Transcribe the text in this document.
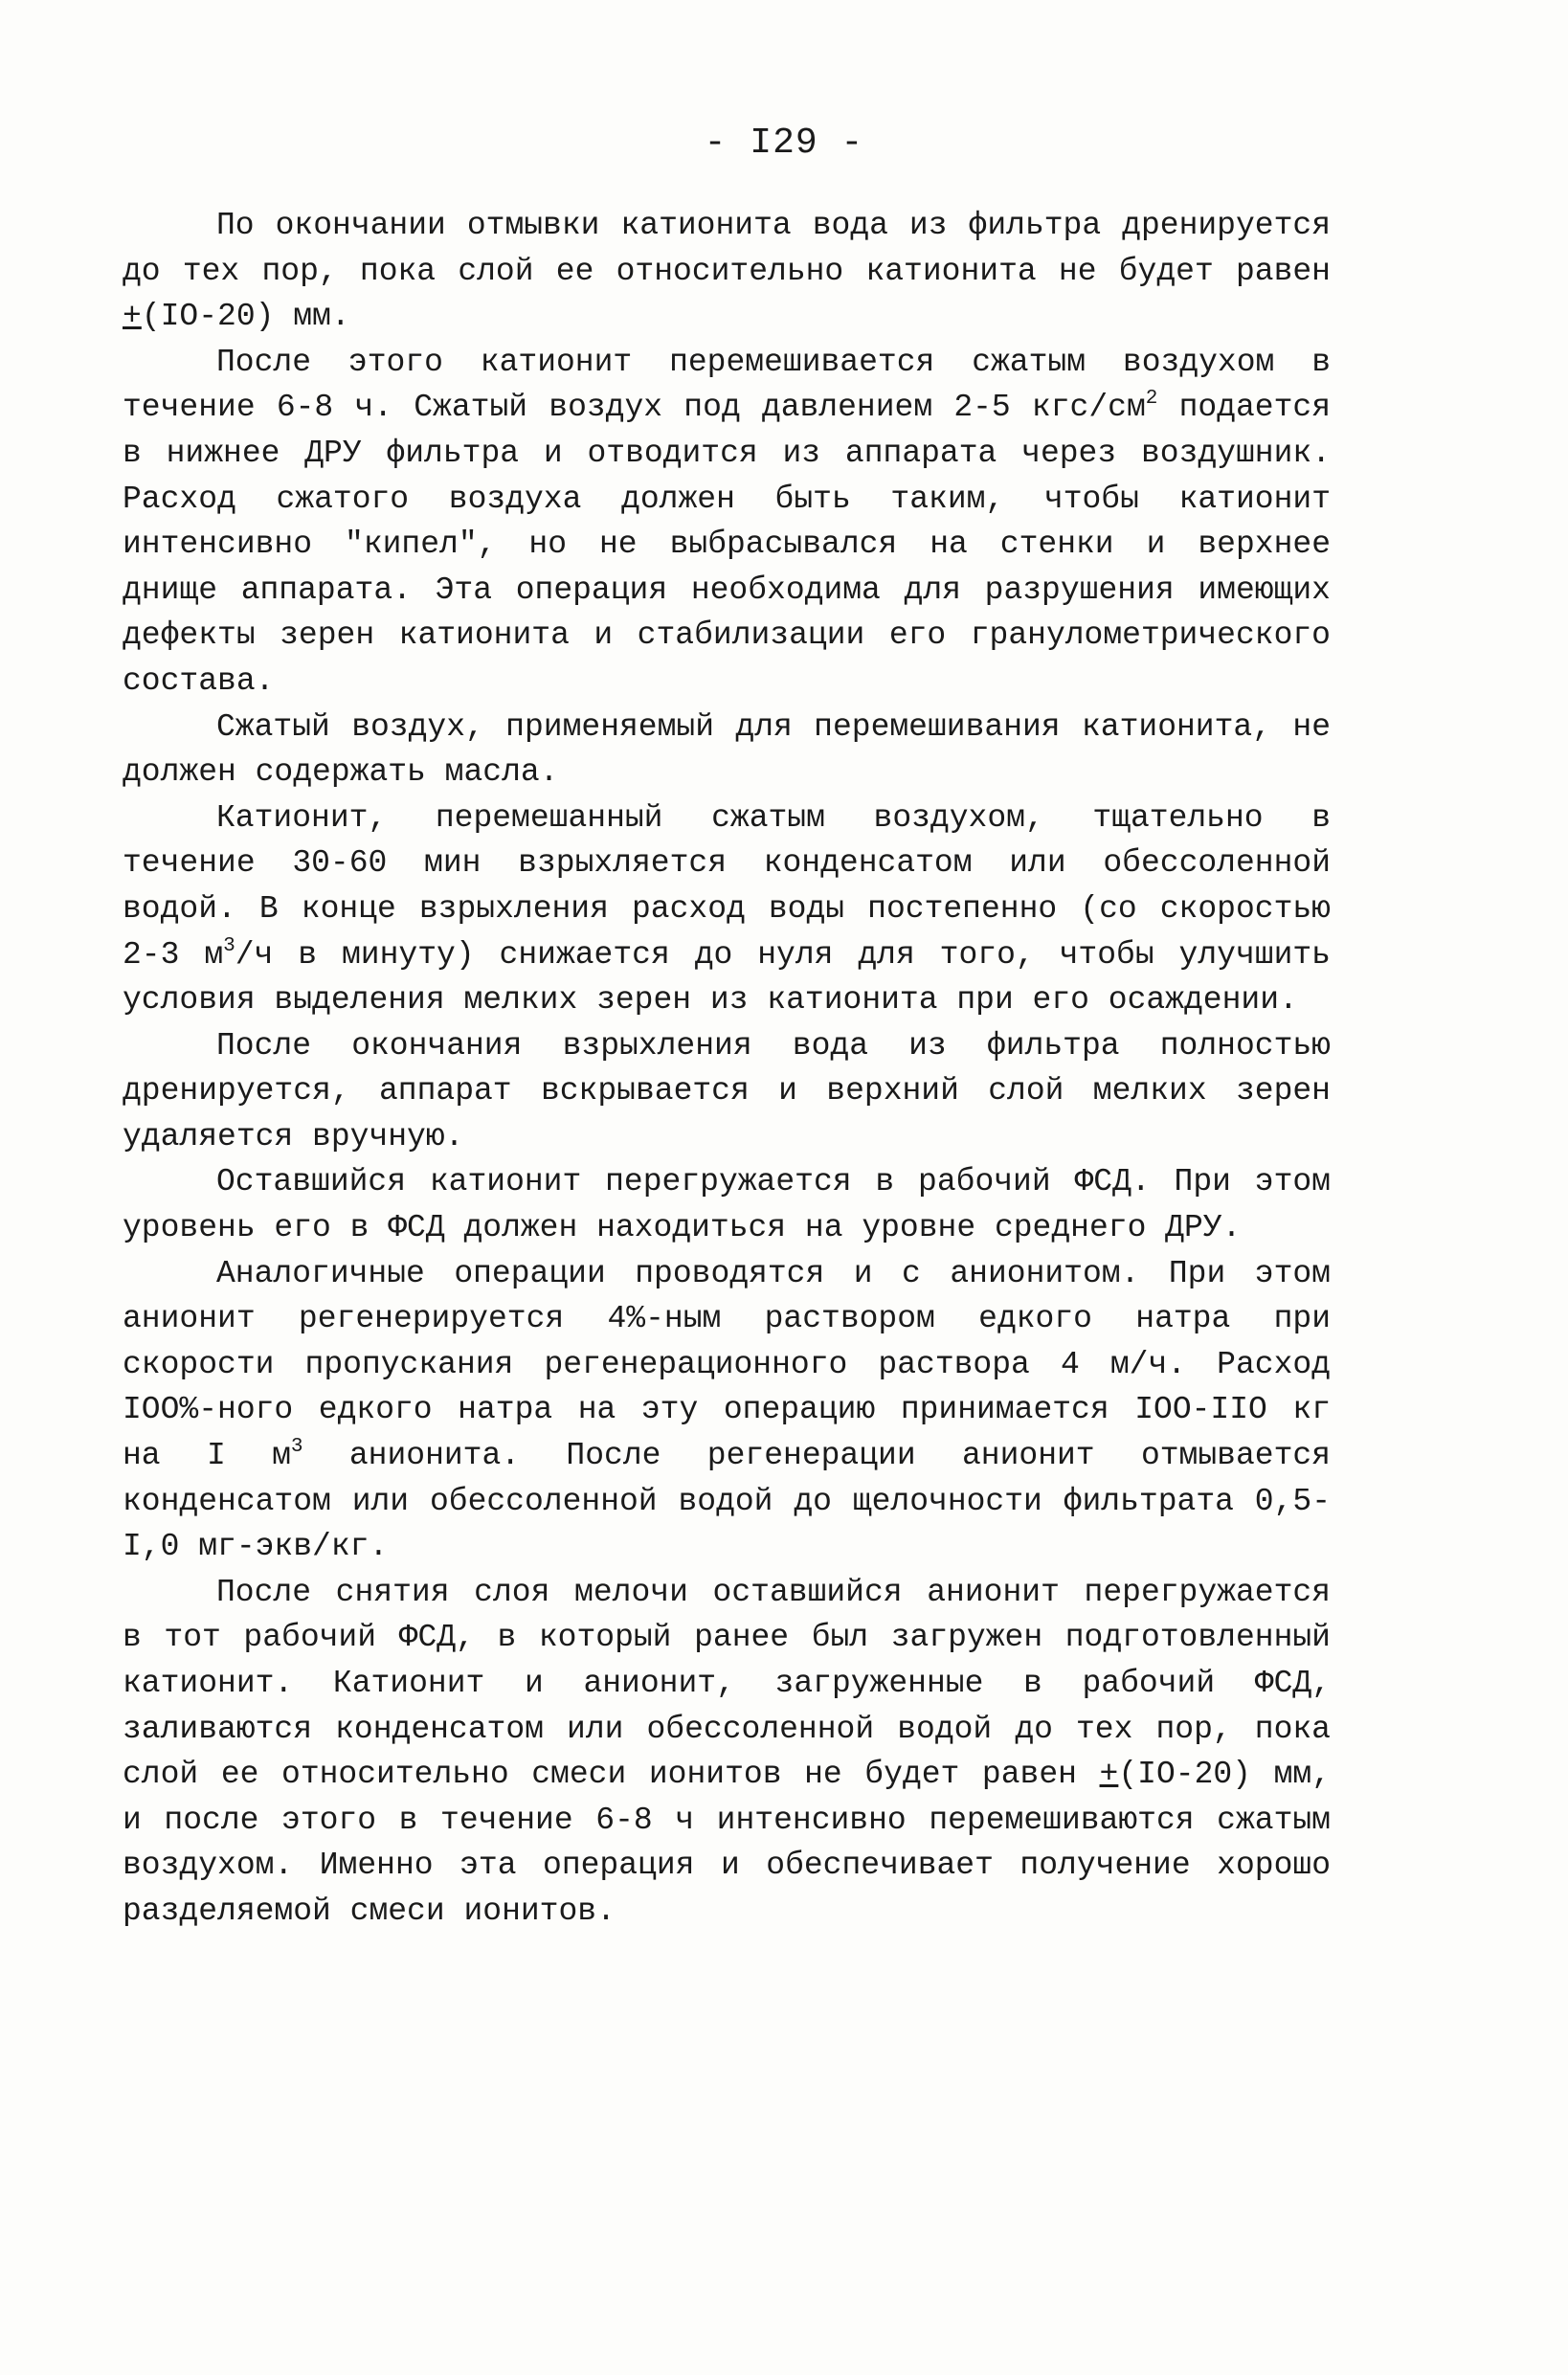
- I29 -

По окончании отмывки катионита вода из фильтра дренируется до тех пор, пока слой ее относительно катионита не будет равен +(IO-20) мм.

После этого катионит перемешивается сжатым воздухом в течение 6-8 ч. Сжатый воздух под давлением 2-5 кгс/$см^2$ подается в нижнее ДРУ фильтра и отводится из аппарата через воздушник. Расход сжатого воздуха должен быть таким, чтобы катионит интенсивно "кипел", но не выбрасывался на стенки и верхнее днище аппарата. Эта операция необходима для разрушения имеющих дефекты зерен катионита и стабилизации его гранулометрического состава.

Сжатый воздух, применяемый для перемешивания катионита, не должен содержать масла.

Катионит, перемешанный сжатым воздухом, тщательно в течение 30-60 мин взрыхляется конденсатом или обессоленной водой. В конце взрыхления расход воды постепенно (со скоростью 2-3 $м^3/ч$ в минуту) снижается до нуля для того, чтобы улучшить условия выделения мелких зерен из катионита при его осаждении.

После окончания взрыхления вода из фильтра полностью дренируется, аппарат вскрывается и верхний слой мелких зерен удаляется вручную.

Оставшийся катионит перегружается в рабочий ФСД. При этом уровень его в ФСД должен находиться на уровне среднего ДРУ.

Аналогичные операции проводятся и с анионитом. При этом анионит регенерируется 4%-ным раствором едкого натра при скорости пропускания регенерационного раствора 4 м/ч. Расход IOO%-ного едкого натра на эту операцию принимается IOO-IIO кг на I $м^3$ анионита. После регенерации анионит отмывается конденсатом или обессоленной водой до щелочности фильтрата 0,5-I,0 мг-экв/кг.

После снятия слоя мелочи оставшийся анионит перегружается в тот рабочий ФСД, в который ранее был загружен подготовленный катионит. Катионит и анионит, загруженные в рабочий ФСД, заливаются конденсатом или обессоленной водой до тех пор, пока слой ее относительно смеси ионитов не будет равен +(IO-20) мм, и после этого в течение 6-8 ч интенсивно перемешиваются сжатым воздухом. Именно эта операция и обеспечивает получение хорошо разделяемой смеси ионитов.
